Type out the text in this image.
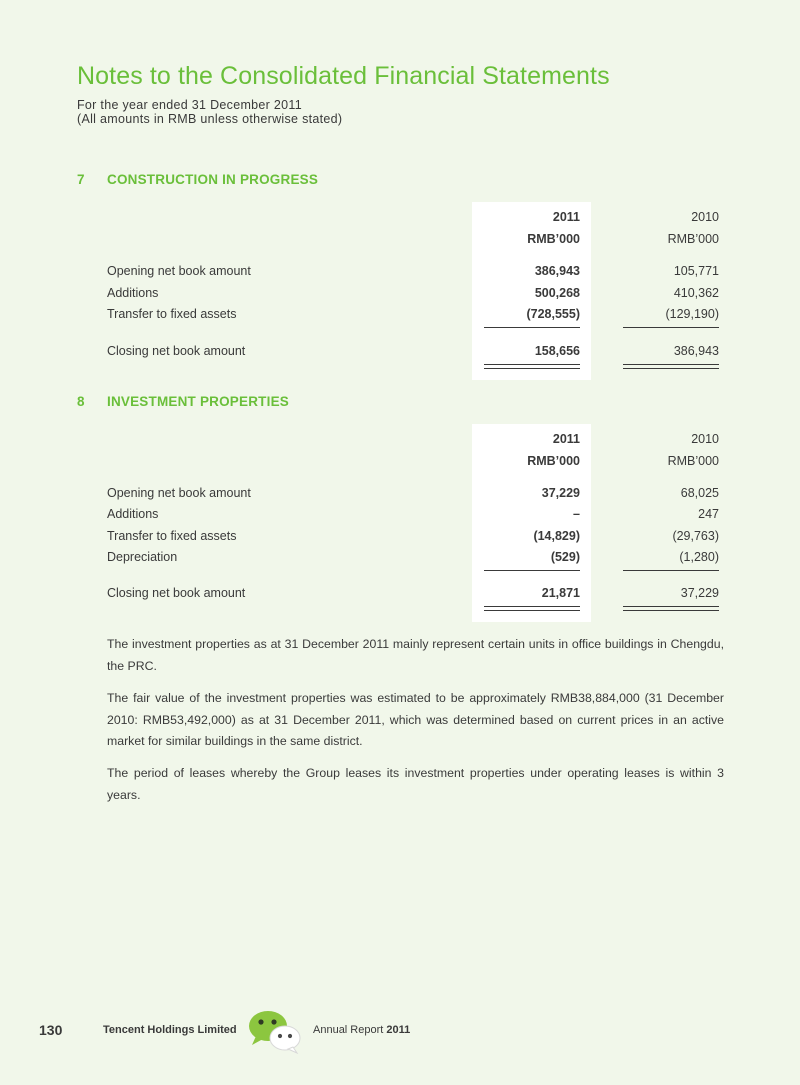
Notes to the Consolidated Financial Statements
For the year ended 31 December 2011
(All amounts in RMB unless otherwise stated)
7 CONSTRUCTION IN PROGRESS
2011	2010
RMB’000	RMB’000
Opening net book amount	386,943	105,771
Additions	500,268	410,362
Transfer to fixed assets	(728,555)	(129,190)
Closing net book amount	158,656	386,943
8 INVESTMENT PROPERTIES
2011	2010
RMB’000	RMB’000
Opening net book amount	37,229	68,025
Additions	–	247
Transfer to fixed assets	(14,829)	(29,763)
Depreciation	(529)	(1,280)
Closing net book amount	21,871	37,229

The investment properties as at 31 December 2011 mainly represent certain units in office buildings in Chengdu, the PRC.

The fair value of the investment properties was estimated to be approximately RMB38,884,000 (31 December 2010: RMB53,492,000) as at 31 December 2011, which was determined based on current prices in an active market for similar buildings in the same district.

The period of leases whereby the Group leases its investment properties under operating leases is within 3 years.

130	Tencent Holdings Limited	Annual Report 2011
